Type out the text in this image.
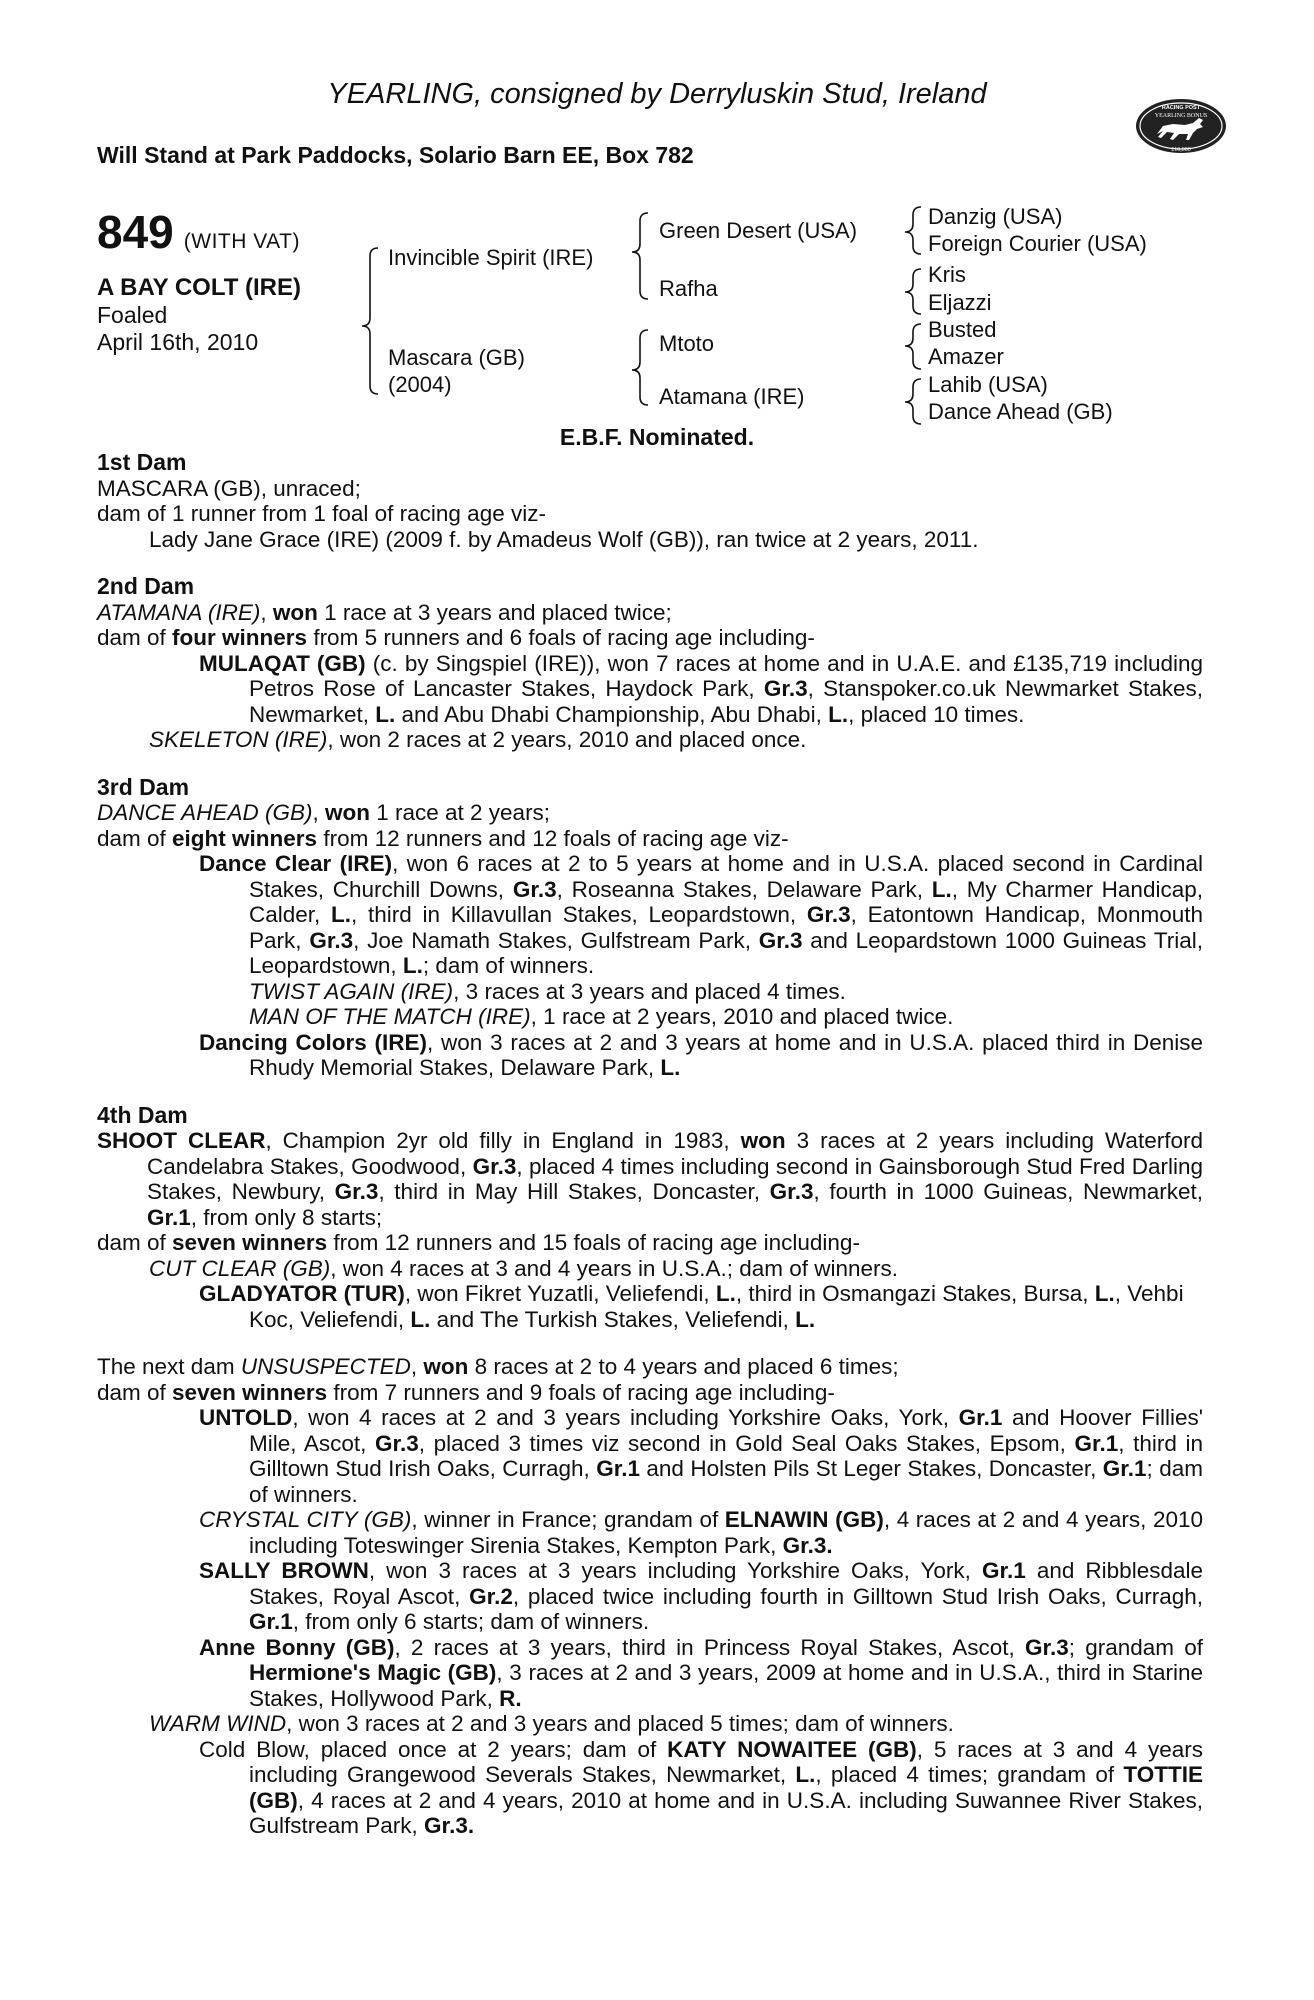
YEARLING, consigned by Derryluskin Stud, Ireland
Will Stand at Park Paddocks, Solario Barn EE, Box 782
RACING POST
YEARLING BONUS
£10,000
849 (WITH VAT)
A BAY COLT (IRE)
Foaled
April 16th, 2010
Invincible Spirit (IRE)
Mascara (GB)
(2004)
Green Desert (USA)
Rafha
Mtoto
Atamana (IRE)
Danzig (USA)
Foreign Courier (USA)
Kris
Eljazzi
Busted
Amazer
Lahib (USA)
Dance Ahead (GB)
E.B.F. Nominated.

1st Dam

MASCARA (GB), unraced;

dam of 1 runner from 1 foal of racing age viz-

Lady Jane Grace (IRE) (2009 f. by Amadeus Wolf (GB)), ran twice at 2 years, 2011.

2nd Dam

ATAMANA (IRE), won 1 race at 3 years and placed twice;

dam of four winners from 5 runners and 6 foals of racing age including-

MULAQAT (GB) (c. by Singspiel (IRE)), won 7 races at home and in U.A.E. and £135,719 including Petros Rose of Lancaster Stakes, Haydock Park, Gr.3, Stanspoker.co.uk Newmarket Stakes, Newmarket, L. and Abu Dhabi Championship, Abu Dhabi, L., placed 10 times.

SKELETON (IRE), won 2 races at 2 years, 2010 and placed once.

3rd Dam

DANCE AHEAD (GB), won 1 race at 2 years;

dam of eight winners from 12 runners and 12 foals of racing age viz-

Dance Clear (IRE), won 6 races at 2 to 5 years at home and in U.S.A. placed second in Cardinal Stakes, Churchill Downs, Gr.3, Roseanna Stakes, Delaware Park, L., My Charmer Handicap, Calder, L., third in Killavullan Stakes, Leopardstown, Gr.3, Eatontown Handicap, Monmouth Park, Gr.3, Joe Namath Stakes, Gulfstream Park, Gr.3 and Leopardstown 1000 Guineas Trial, Leopardstown, L.; dam of winners.

TWIST AGAIN (IRE), 3 races at 3 years and placed 4 times.

MAN OF THE MATCH (IRE), 1 race at 2 years, 2010 and placed twice.

Dancing Colors (IRE), won 3 races at 2 and 3 years at home and in U.S.A. placed third in Denise Rhudy Memorial Stakes, Delaware Park, L.

4th Dam

SHOOT CLEAR, Champion 2yr old filly in England in 1983, won 3 races at 2 years including Waterford Candelabra Stakes, Goodwood, Gr.3, placed 4 times including second in Gainsborough Stud Fred Darling Stakes, Newbury, Gr.3, third in May Hill Stakes, Doncaster, Gr.3, fourth in 1000 Guineas, Newmarket, Gr.1, from only 8 starts;

dam of seven winners from 12 runners and 15 foals of racing age including-

CUT CLEAR (GB), won 4 races at 3 and 4 years in U.S.A.; dam of winners.

GLADYATOR (TUR), won Fikret Yuzatli, Veliefendi, L., third in Osmangazi Stakes, Bursa, L., Vehbi Koc, Veliefendi, L. and The Turkish Stakes, Veliefendi, L.

The next dam UNSUSPECTED, won 8 races at 2 to 4 years and placed 6 times;

dam of seven winners from 7 runners and 9 foals of racing age including-

UNTOLD, won 4 races at 2 and 3 years including Yorkshire Oaks, York, Gr.1 and Hoover Fillies' Mile, Ascot, Gr.3, placed 3 times viz second in Gold Seal Oaks Stakes, Epsom, Gr.1, third in Gilltown Stud Irish Oaks, Curragh, Gr.1 and Holsten Pils St Leger Stakes, Doncaster, Gr.1; dam of winners.

CRYSTAL CITY (GB), winner in France; grandam of ELNAWIN (GB), 4 races at 2 and 4 years, 2010 including Toteswinger Sirenia Stakes, Kempton Park, Gr.3.

SALLY BROWN, won 3 races at 3 years including Yorkshire Oaks, York, Gr.1 and Ribblesdale Stakes, Royal Ascot, Gr.2, placed twice including fourth in Gilltown Stud Irish Oaks, Curragh, Gr.1, from only 6 starts; dam of winners.

Anne Bonny (GB), 2 races at 3 years, third in Princess Royal Stakes, Ascot, Gr.3; grandam of Hermione's Magic (GB), 3 races at 2 and 3 years, 2009 at home and in U.S.A., third in Starine Stakes, Hollywood Park, R.

WARM WIND, won 3 races at 2 and 3 years and placed 5 times; dam of winners.

Cold Blow, placed once at 2 years; dam of KATY NOWAITEE (GB), 5 races at 3 and 4 years including Grangewood Severals Stakes, Newmarket, L., placed 4 times; grandam of TOTTIE (GB), 4 races at 2 and 4 years, 2010 at home and in U.S.A. including Suwannee River Stakes, Gulfstream Park, Gr.3.
